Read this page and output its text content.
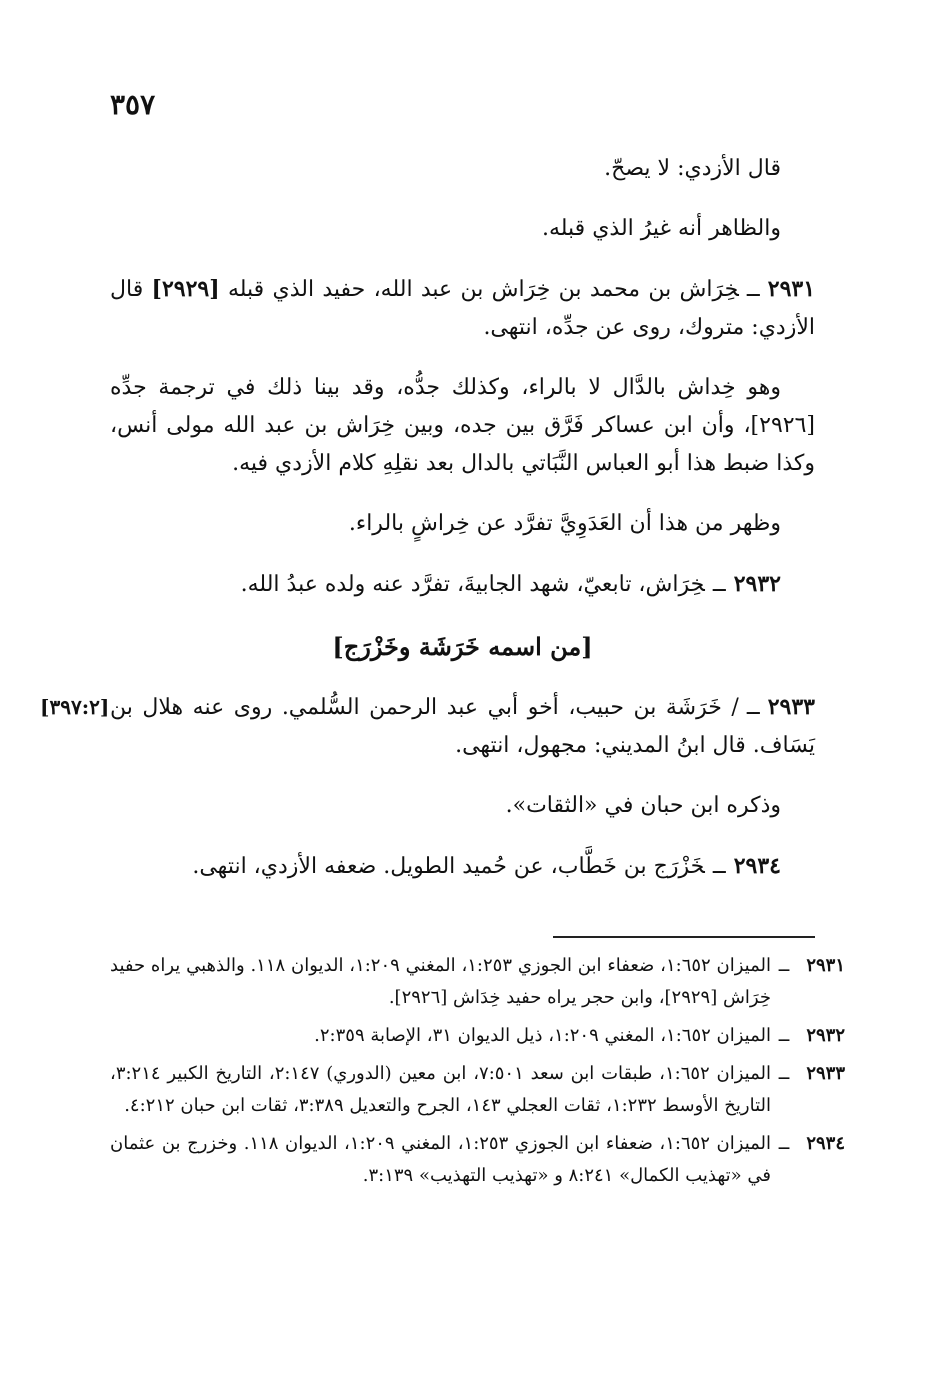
٣٥٧

قال الأزدي: لا يصحّ.

والظاهر أنه غيرُ الذي قبله.

٢٩٣١ــخِرَاش بن محمد بن خِرَاش بن عبد الله، حفيد الذي قبله [٢٩٢٩] قال الأزدي: متروك، روى عن جدِّه، انتهى.

وهو خِداش بالدَّال لا بالراء، وكذلك جدُّه، وقد بينا ذلك في ترجمة جدِّه [٢٩٢٦]، وأن ابن عساكر فَرَّق بين جده، وبين خِرَاش بن عبد الله مولى أنس، وكذا ضبط هذا أبو العباس النَّبَاتي بالدال بعد نقلِهِ كلام الأزدي فيه.

وظهر من هذا أن العَدَوِيَّ تفرَّد عن خِراشٍ بالراء.

٢٩٣٢ــخِرَاش، تابعيّ، شهد الجابيةَ، تفرَّد عنه ولده عبدُ الله.

[من اسمه خَرَشَة وخَزْرَج]

[٣٩٧:٢]	٢٩٣٣ــ/ خَرَشَة بن حبيب، أخو أبي عبد الرحمن السُّلمي. روى عنه هلال بن يَسَاف. قال ابنُ المديني: مجهول، انتهى.

وذكره ابن حبان في «الثقات».

٢٩٣٤ــخَزْرَج بن خَطَّاب، عن حُميد الطويل. ضعفه الأزدي، انتهى.

٢٩٣١
ــ
الميزان ١:٦٥٢، ضعفاء ابن الجوزي ١:٢٥٣، المغني ١:٢٠٩، الديوان ١١٨. والذهبي يراه حفيد خِرَاش [٢٩٢٩]، وابن حجر يراه حفيد خِدَاش [٢٩٢٦].
٢٩٣٢
ــ
الميزان ١:٦٥٢، المغني ١:٢٠٩، ذيل الديوان ٣١، الإصابة ٢:٣٥٩.
٢٩٣٣
ــ
الميزان ١:٦٥٢، طبقات ابن سعد ٧:٥٠١، ابن معين (الدوري) ٢:١٤٧، التاريخ الكبير ٣:٢١٤، التاريخ الأوسط ١:٢٣٢، ثقات العجلي ١٤٣، الجرح والتعديل ٣:٣٨٩، ثقات ابن حبان ٤:٢١٢.
٢٩٣٤
ــ
الميزان ١:٦٥٢، ضعفاء ابن الجوزي ١:٢٥٣، المغني ١:٢٠٩، الديوان ١١٨. وخزرج بن عثمان في «تهذيب الكمال» ٨:٢٤١ و «تهذيب التهذيب» ٣:١٣٩.
